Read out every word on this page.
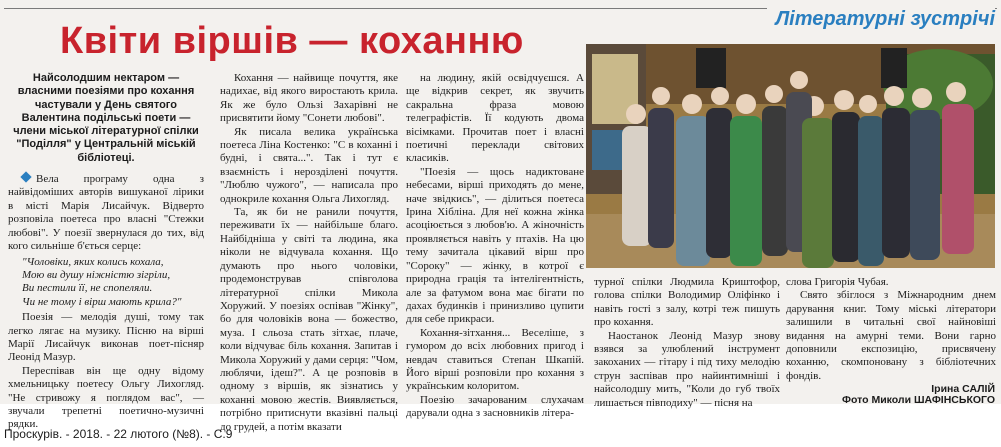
Літературні зустрічі
Квіти віршів — коханню
Найсолодшим нектаром — власними поезіями про кохання частували у День святого Валентина подільські поети — члени міської літературної спілки "Поділля" у Центральній міській бібліотеці.

Вела програму одна з найвідоміших авторів вишуканої лірики в місті Марія Лисайчук. Відверто розповіла поетеса про власні "Стежки любові". У поезії звернулася до тих, від кого сильніше б'ється серце:

"Чоловіки, яких колись кохала,
Мою ви душу ніжністю зігріли,
Ви пестили її, не спопеляли.
Чи не тому і вірш мають крила?"

Поезія — мелодія душі, тому так легко лягає на музику. Пісню на вірші Марії Лисайчук виконав поет-пісняр Леонід Мазур.

Переспівав він ще одну відому хмельницьку поетесу Ольгу Лихогляд. "Не стривожу я поглядом вас", — звучали трепетні поетично-музичні рядки.

Кохання — найвище почуття, яке надихає, від якого виростають крила. Як же було Ользі Захарівні не присвятити йому "Сонети любові".

Як писала велика українська поетеса Ліна Костенко: "С в коханні і будні, і свята...". Так і тут є взаємність і нерозділені почуття. "Люблю чужого", — написала про однокриле кохання Ольга Лихогляд.

Та, як би не ранили почуття, переживати їх — найбільше благо. Найбідніша у світі та людина, яка ніколи не відчувала кохання. Що думають про нього чоловіки, продемонстрував співголова літературної спілки Микола Хоружий. У поезіях оспівав "Жінку", бо для чоловіків вона — божество, муза. І сльоза стать зітхає, плаче, коли відчуває біль кохання. Запитав і Микола Хоружий у дами серця: "Чом, люблячи, ідеш?". А це розповів в одному з віршів, як зізнатись у коханні мовою жестів. Виявляється, потрібно притиснути вказівні пальці до грудей, а потім вказати

на людину, якій освідчуєшся. А ще відкрив секрет, як звучить сакральна фраза мовою телеграфістів. Її кодують двома вісімками. Прочитав поет і власні поетичні переклади світових класиків.

"Поезія — щось надиктоване небесами, вірші приходять до мене, наче звідкись", — ділиться поетеса Ірина Хібліна. Для неї кожна жінка асоціюється з любов'ю. А жіночність проявляється навіть у птахів. На цю тему зачитала цікавий вірш про "Сороку" — жінку, в котрої є природна грація та інтелігентність, але за фатумом вона має бігати по дахах будинків і принизливо цупити для себе прикраси.

Кохання-зітхання... Веселіше, з гумором до всіх любовних пригод і невдач ставиться Степан Шкапій. Його вірші розповіли про кохання з українським колоритом.

Поезію зачарованим слухачам дарували одна з засновників літера-

турної спілки Людмила Криштофор, голова спілки Володимир Оліфінко і навіть гості з залу, котрі теж пишуть про кохання.

Наостанок Леонід Мазур знову взявся за улюблений інструмент закоханих — гітару і під тиху мелодію струн заспівав про найинтимніші і найсолодшу мить, "Коли до губ твоїх лишається півподиху" — пісня на

слова Григорія Чубая.

Свято збіглося з Міжнародним днем дарування книг. Тому міські літератори залишили в читальні свої найновіші видання на амурні теми. Вони гарно доповнили експозицію, присвячену коханню, скомпоновану з бібліотечних фондів.

Ірина САЛІЙ
Фото Миколи ШАФІНСЬКОГО
Проскурів. - 2018. - 22 лютого (№8). - С.9
